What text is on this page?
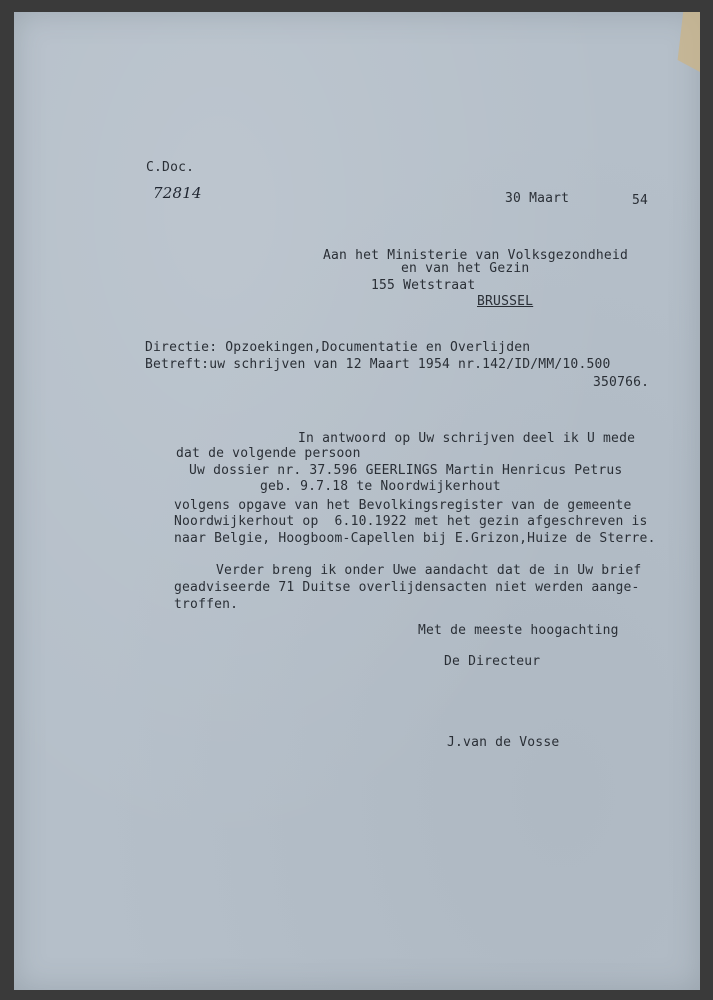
C.Doc.
72814	30 Maart	54
Aan het Ministerie van Volksgezondheid
en van het Gezin
155 Wetstraat
BRUSSEL
Directie: Opzoekingen,Documentatie en Overlijden
Betreft:uw schrijven van 12 Maart 1954 nr.142/ID/MM/10.500
350766.
In antwoord op Uw schrijven deel ik U mede
dat de volgende persoon
Uw dossier nr. 37.596 GEERLINGS Martin Henricus Petrus
geb. 9.7.18 te Noordwijkerhout
volgens opgave van het Bevolkingsregister van de gemeente
Noordwijkerhout op  6.10.1922 met het gezin afgeschreven is
naar Belgie, Hoogboom-Capellen bij E.Grizon,Huize de Sterre.
Verder breng ik onder Uwe aandacht dat de in Uw brief
geadviseerde 71 Duitse overlijdensacten niet werden aange-
troffen.
Met de meeste hoogachting
De Directeur
J.van de Vosse
